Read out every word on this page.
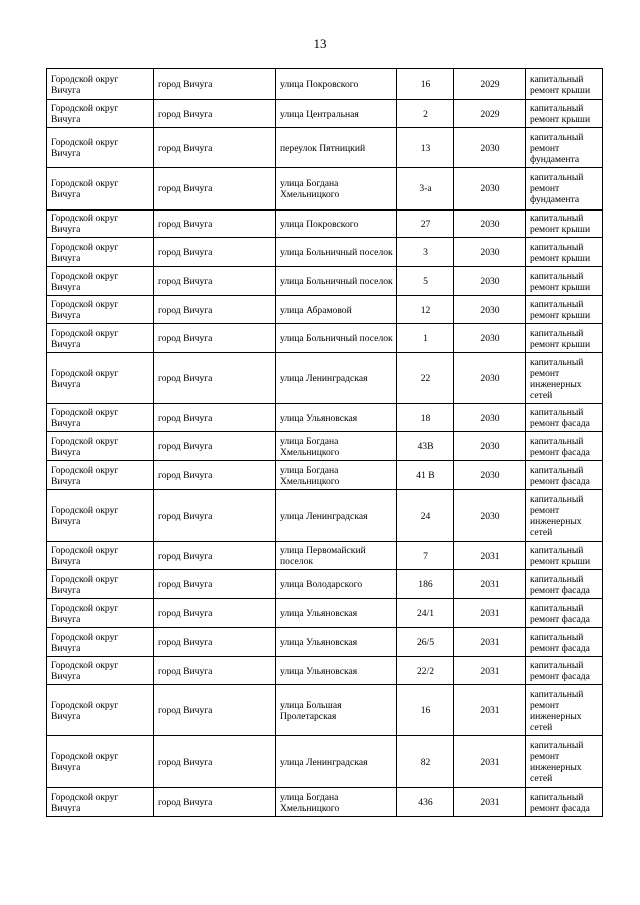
13
Городской округ Вичуга	город Вичуга	улица Покровского	16	2029	капитальный ремонт крыши
Городской округ Вичуга	город Вичуга	улица Центральная	2	2029	капитальный ремонт крыши
Городской округ Вичуга	город Вичуга	переулок Пятницкий	13	2030	капитальный ремонт фундамента
Городской округ Вичуга	город Вичуга	улица Богдана Хмельницкого	3-а	2030	капитальный ремонт фундамента
Городской округ Вичуга	город Вичуга	улица Покровского	27	2030	капитальный ремонт крыши
Городской округ Вичуга	город Вичуга	улица Больничный поселок	3	2030	капитальный ремонт крыши
Городской округ Вичуга	город Вичуга	улица Больничный поселок	5	2030	капитальный ремонт крыши
Городской округ Вичуга	город Вичуга	улица Абрамовой	12	2030	капитальный ремонт крыши
Городской округ Вичуга	город Вичуга	улица Больничный поселок	1	2030	капитальный ремонт крыши
Городской округ Вичуга	город Вичуга	улица Ленинградская	22	2030	капитальный ремонт инженерных сетей
Городской округ Вичуга	город Вичуга	улица Ульяновская	18	2030	капитальный ремонт фасада
Городской округ Вичуга	город Вичуга	улица Богдана Хмельницкого	43В	2030	капитальный ремонт фасада
Городской округ Вичуга	город Вичуга	улица Богдана Хмельницкого	41 В	2030	капитальный ремонт фасада
Городской округ Вичуга	город Вичуга	улица Ленинградская	24	2030	капитальный ремонт инженерных сетей
Городской округ Вичуга	город Вичуга	улица Первомайский поселок	7	2031	капитальный ремонт крыши
Городской округ Вичуга	город Вичуга	улица Володарского	186	2031	капитальный ремонт фасада
Городской округ Вичуга	город Вичуга	улица Ульяновская	24/1	2031	капитальный ремонт фасада
Городской округ Вичуга	город Вичуга	улица Ульяновская	26/5	2031	капитальный ремонт фасада
Городской округ Вичуга	город Вичуга	улица Ульяновская	22/2	2031	капитальный ремонт фасада
Городской округ Вичуга	город Вичуга	улица Большая Пролетарская	16	2031	капитальный ремонт инженерных сетей
Городской округ Вичуга	город Вичуга	улица Ленинградская	82	2031	капитальный ремонт инженерных сетей
Городской округ Вичуга	город Вичуга	улица Богдана Хмельницкого	436	2031	капитальный ремонт фасада
